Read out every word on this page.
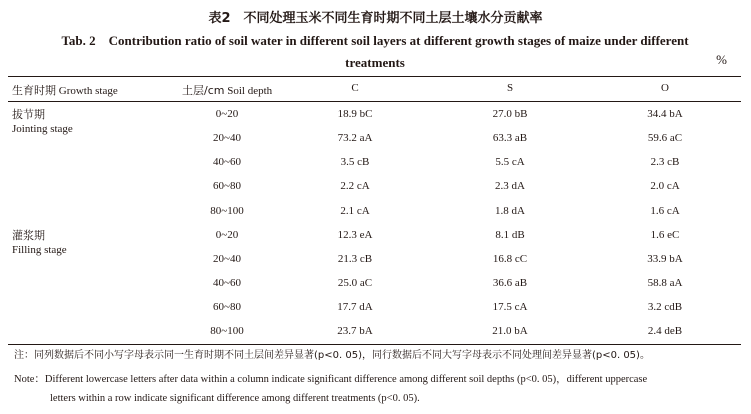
表2　不同处理玉米不同生育时期不同土层土壤水分贡献率
Tab. 2　Contribution ratio of soil water in different soil layers at different growth stages of maize under different treatments	%
生育时期 Growth stage	土层/cm Soil depth	C	S	O
拔节期
Jointing stage
0~20	18.9 bC	27.0 bB	34.4 bA
20~40	73.2 aA	63.3 aB	59.6 aC
40~60	3.5 cB	5.5 cA	2.3 cB
60~80	2.2 cA	2.3 dA	2.0 cA
80~100	2.1 cA	1.8 dA	1.6 cA
灌浆期
Filling stage
0~20	12.3 eA	8.1 dB	1.6 eC
20~40	21.3 cB	16.8 cC	33.9 bA
40~60	25.0 aC	36.6 aB	58.8 aA
60~80	17.7 dA	17.5 cA	3.2 cdB
80~100	23.7 bA	21.0 bA	2.4 deB
注：同列数据后不同小写字母表示同一生育时期不同土层间差异显著(p<0. 05)，同行数据后不同大写字母表示不同处理间差异显著(p<0. 05)。
Note：Different lowercase letters after data within a column indicate significant difference among different soil depths (p<0. 05)，different uppercase
letters within a row indicate significant difference among different treatments (p<0. 05).
